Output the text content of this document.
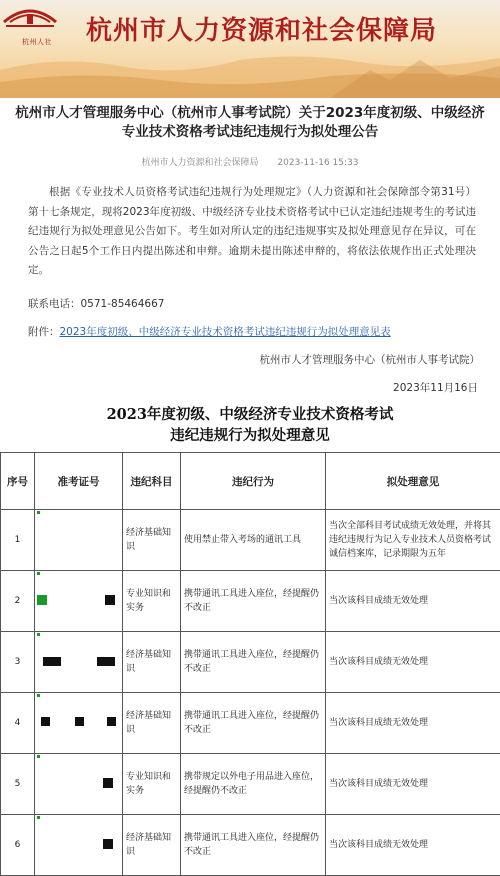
杭州人社 杭州市人力资源和社会保障局
杭州市人才管理服务中心（杭州市人事考试院）关于2023年度初级、中级经济专业技术资格考试违纪违规行为拟处理公告
杭州市人力资源和社会保障局 2023-11-16 15:33
根据《专业技术人员资格考试违纪违规行为处理规定》（人力资源和社会保障部令第31号）第十七条规定，现将2023年度初级、中级经济专业技术资格考试中已认定违纪违规考生的考试违纪违规行为拟处理意见公告如下。考生如对所认定的违纪违规事实及拟处理意见存在异议，可在公告之日起5个工作日内提出陈述和申辩。逾期未提出陈述申辩的，将依法依规作出正式处理决定。
联系电话：0571-85464667
附件：2023年度初级、中级经济专业技术资格考试违纪违规行为拟处理意见表
杭州市人才管理服务中心（杭州市人事考试院）
2023年11月16日
2023年度初级、中级经济专业技术资格考试
违纪违规行为拟处理意见
序号	准考证号	违纪科目	违纪行为	拟处理意见
1		经济基础知识	使用禁止带入考场的通讯工具	当次全部科目考试成绩无效处理，并将其违纪违规行为记入专业技术人员资格考试诚信档案库，记录期限为五年
2		专业知识和实务	携带通讯工具进入座位，经提醒仍不改正	当次该科目成绩无效处理
3		经济基础知识	携带通讯工具进入座位，经提醒仍不改正	当次该科目成绩无效处理
4		经济基础知识	携带通讯工具进入座位，经提醒仍不改正	当次该科目成绩无效处理
5		专业知识和实务	携带规定以外电子用品进入座位，经提醒仍不改正	当次该科目成绩无效处理
6		经济基础知识	携带通讯工具进入座位，经提醒仍不改正	当次该科目成绩无效处理
